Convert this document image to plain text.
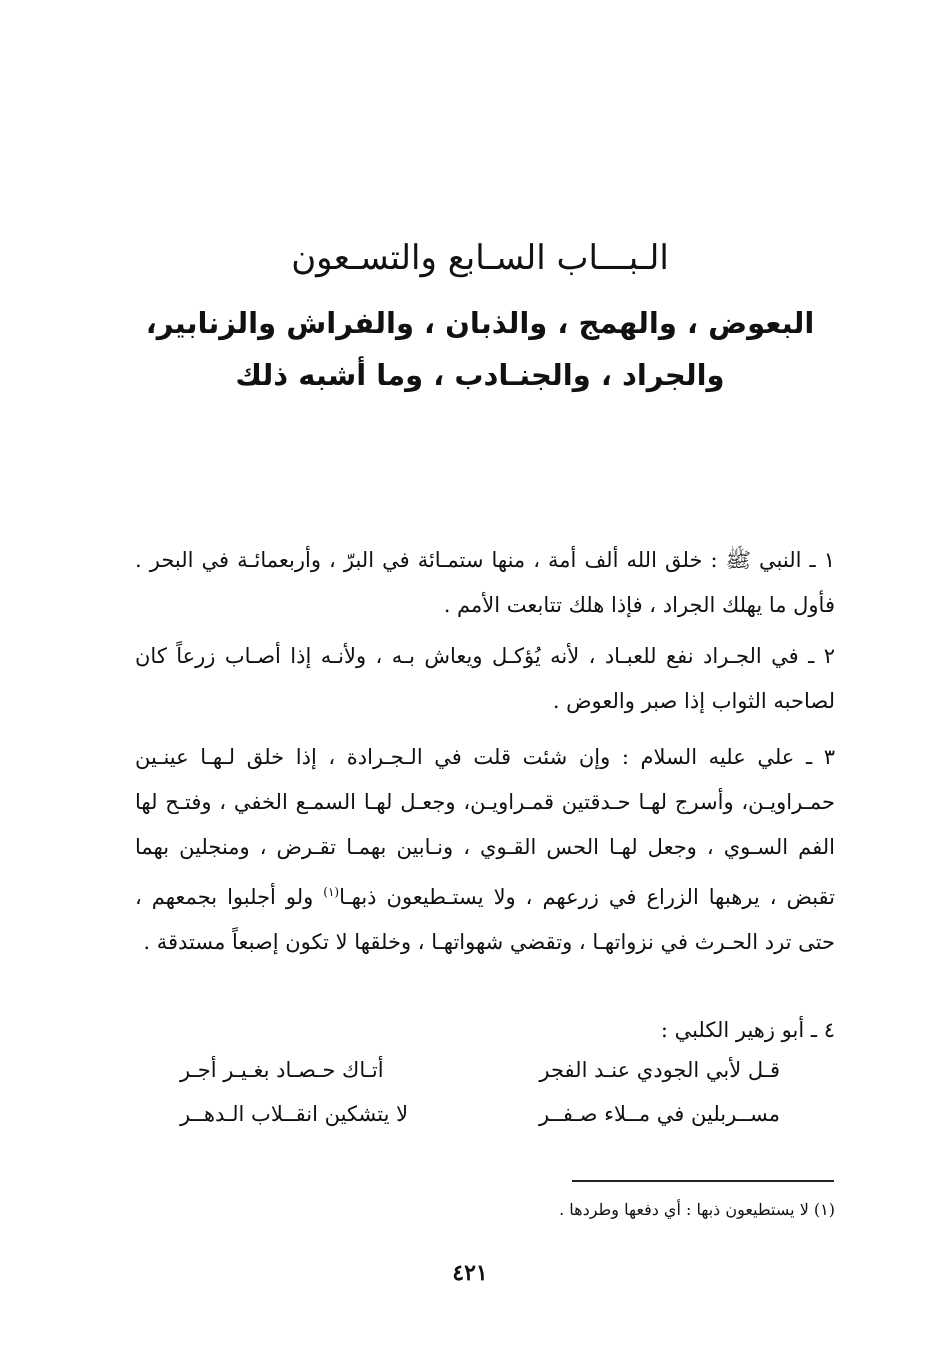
الـبـــاب السـابع والتسـعون
البعوض ، والهمج ، والذبان ، والفراش والزنابير،
والجراد ، والجنـادب ، وما أشبه ذلك

١ ـ النبي ﷺ : خلق الله ألف أمة ، منها ستمـائة في البرّ ، وأربعمائـة في البحر . فأول ما يهلك الجراد ، فإذا هلك تتابعت الأمم .

٢ ـ في الجـراد نفع للعبـاد ، لأنه يُؤكـل ويعاش بـه ، ولأنـه إذا أصـاب زرعاً كان لصاحبه الثواب إذا صبر والعوض .

٣ ـ علي عليه السلام : وإن شئت قلت في الـجـرادة ، إذا خلق لـهـا عينـين حمـراويـن، وأسرج لهـا حـدقتين قمـراويـن، وجعـل لهـا السمـع الخفي ، وفتـح لها الفم السـوي ، وجعل لهـا الحس القـوي ، ونـابين بهمـا تقـرض ، ومنجلين بهما تقبض ، يرهبها الزراع في زرعهم ، ولا يستـطيعون ذبهـا$^{(١)}$ ولو أجلبوا بجمعهم ، حتى ترد الحـرث في نزواتهـا ، وتقضي شهواتهـا ، وخلقها لا تكون إصبعاً مستدقة .

٤ ـ أبو زهير الكلبي :

قـل لأبي الجودي عنـد الفجر
أتـاك حـصـاد بغـيـر أجـر
مســربلين في مــلاء صـفــر
لا يتشكين انقــلاب الـدهــر
(١) لا يستطيعون ذبها : أي دفعها وطردها .
٤٢١
